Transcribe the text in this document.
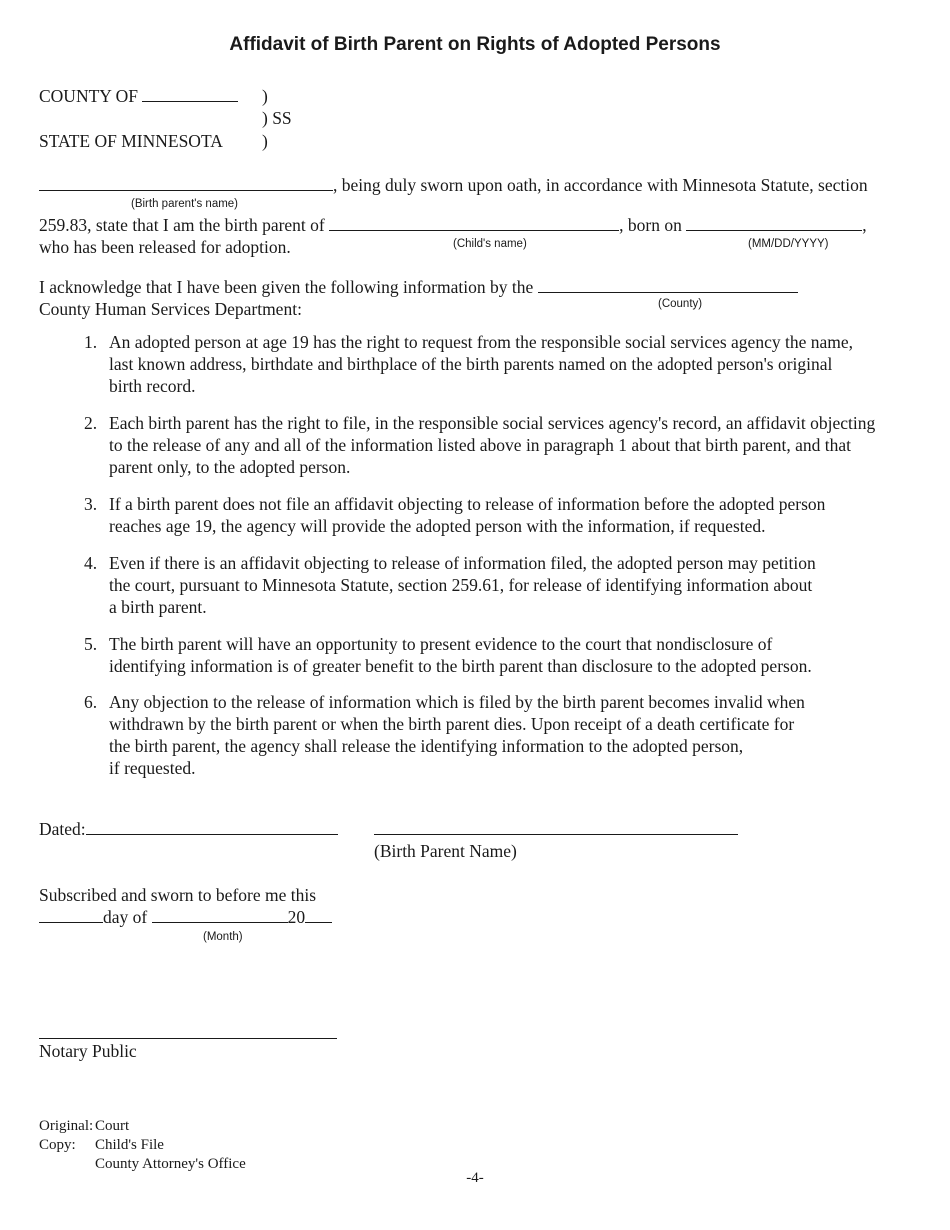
Affidavit of Birth Parent on Rights of Adopted Persons
COUNTY OF	)
) SS
STATE OF MINNESOTA )
, being duly sworn upon oath, in accordance with Minnesota Statute, section
(Birth parent's name)
259.83, state that I am the birth parent of	, born on	,
who has been released for adoption.	(Child's name)	(MM/DD/YYYY)
I acknowledge that I have been given the following information by the
County Human Services Department:	(County)
1. An adopted person at age 19 has the right to request from the responsible social services agency the name,
last known address, birthdate and birthplace of the birth parents named on the adopted person's original
birth record.
2. Each birth parent has the right to file, in the responsible social services agency's record, an affidavit objecting
to the release of any and all of the information listed above in paragraph 1 about that birth parent, and that
parent only, to the adopted person.
3. If a birth parent does not file an affidavit objecting to release of information before the adopted person
reaches age 19, the agency will provide the adopted person with the information, if requested.
4. Even if there is an affidavit objecting to release of information filed, the adopted person may petition
the court, pursuant to Minnesota Statute, section 259.61, for release of identifying information about
a birth parent.
5. The birth parent will have an opportunity to present evidence to the court that nondisclosure of
identifying information is of greater benefit to the birth parent than disclosure to the adopted person.
6. Any objection to the release of information which is filed by the birth parent becomes invalid when
withdrawn by the birth parent or when the birth parent dies. Upon receipt of a death certificate for
the birth parent, the agency shall release the identifying information to the adopted person,
if requested.
Dated:
(Birth Parent Name)
Subscribed and sworn to before me this
day of	20
(Month)
Notary Public
Original: Court
Copy: Child's File
County Attorney's Office
-4-
